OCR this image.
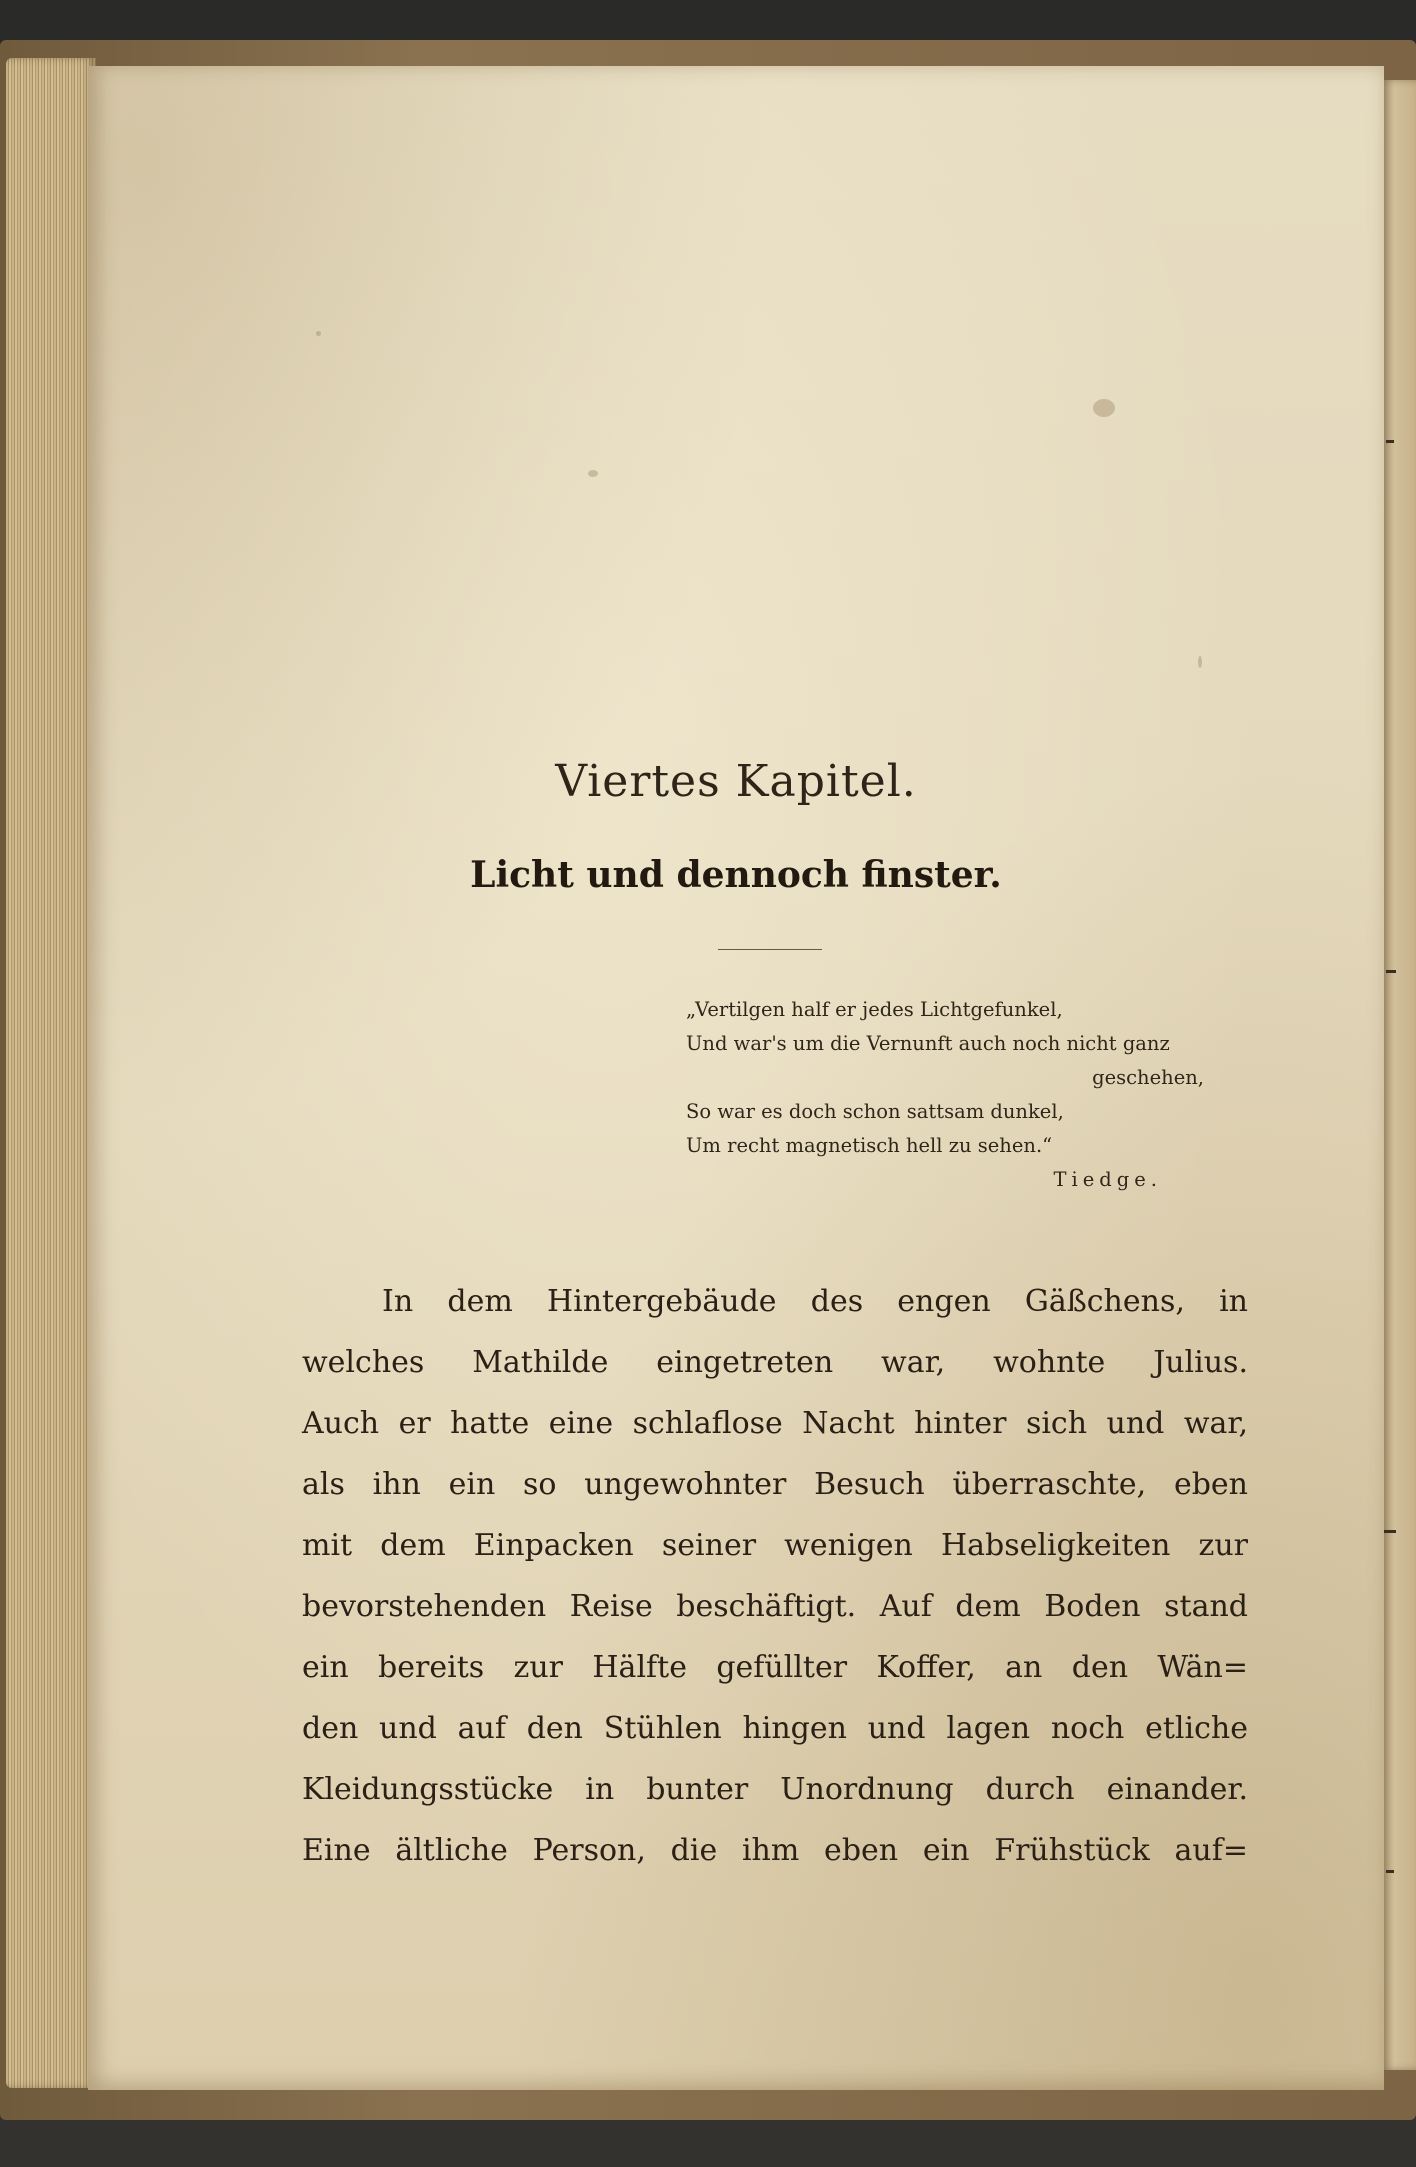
Viertes Kapitel.
Licht und dennoch finster.
„Vertilgen half er jedes Lichtgefunkel,
Und war's um die Vernunft auch noch nicht ganz
geschehen,
So war es doch schon sattsam dunkel,
Um recht magnetisch hell zu sehen.“
Tiedge.
In dem Hintergebäude des engen Gäßchens, in
welches Mathilde eingetreten war, wohnte Julius.
Auch er hatte eine schlaflose Nacht hinter sich und war,
als ihn ein so ungewohnter Besuch überraschte, eben
mit dem Einpacken seiner wenigen Habseligkeiten zur
bevorstehenden Reise beschäftigt. Auf dem Boden stand
ein bereits zur Hälfte gefüllter Koffer, an den Wän=
den und auf den Stühlen hingen und lagen noch etliche
Kleidungsstücke in bunter Unordnung durch einander.
Eine ältliche Person, die ihm eben ein Frühstück auf=
